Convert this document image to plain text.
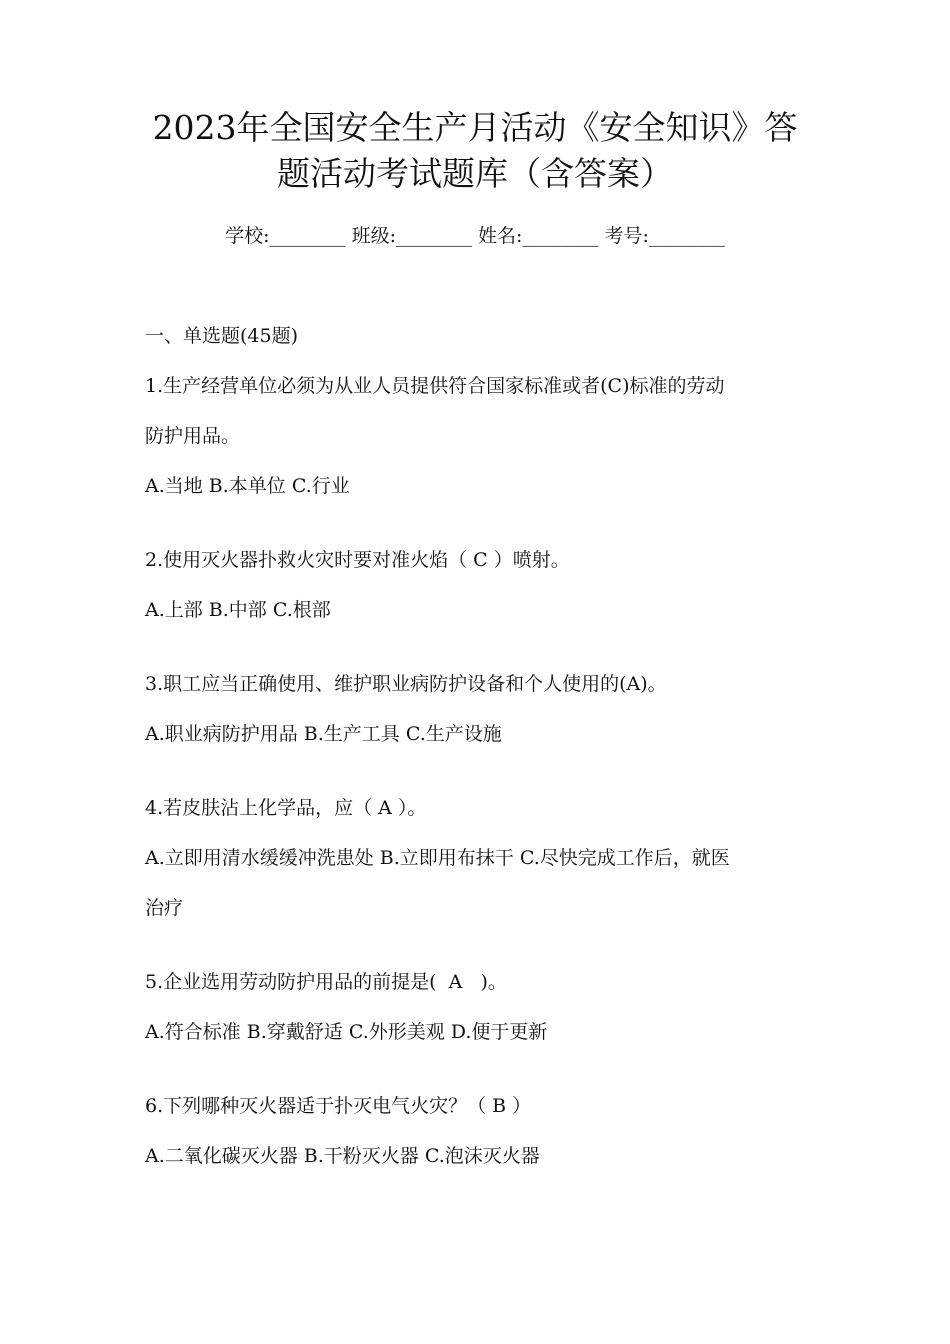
2023年全国安全生产月活动《安全知识》答
题活动考试题库（含答案）
学校:________ 班级:________ 姓名:________ 考号:________
一、单选题(45题)
1.生产经营单位必须为从业人员提供符合国家标准或者(C)标准的劳动
防护用品。
A.当地 B.本单位 C.行业
2.使用灭火器扑救火灾时要对准火焰（ C ）喷射。
A.上部 B.中部 C.根部
3.职工应当正确使用、维护职业病防护设备和个人使用的(A)。
A.职业病防护用品 B.生产工具 C.生产设施
4.若皮肤沾上化学品，应（ A ）。
A.立即用清水缓缓冲洗患处 B.立即用布抹干 C.尽快完成工作后，就医
治疗
5.企业选用劳动防护用品的前提是(  A   )。
A.符合标准 B.穿戴舒适 C.外形美观 D.便于更新
6.下列哪种灭火器适于扑灭电气火灾？（ B ）
A.二氧化碳灭火器 B.干粉灭火器 C.泡沫灭火器
